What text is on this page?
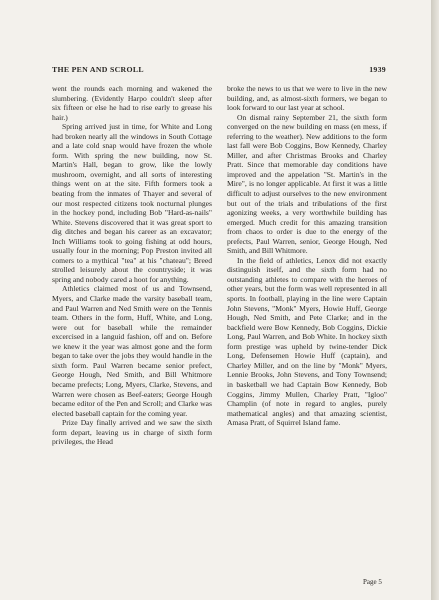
THE PEN AND SCROLL	1939

went the rounds each morning and wakened the slumbering. (Evidently Harpo couldn't sleep after six fifteen or else he had to rise early to grease his hair.)

Spring arrived just in time, for White and Long had broken nearly all the windows in South Cottage and a late cold snap would have frozen the whole form. With spring the new building, now St. Martin's Hall, began to grow, like the lowly mushroom, overnight, and all sorts of interesting things went on at the site. Fifth formers took a beating from the inmates of Thayer and several of our most respected citizens took nocturnal plunges in the hockey pond, including Bob "Hard-as-nails" White. Stevens discovered that it was great sport to dig ditches and began his career as an excavator; Inch Williams took to going fishing at odd hours, usually four in the morning; Pop Preston invited all comers to a mythical "tea" at his "chateau"; Breed strolled leisurely about the countryside; it was spring and nobody cared a hoot for anything.

Athletics claimed most of us and Townsend, Myers, and Clarke made the varsity baseball team, and Paul Warren and Ned Smith were on the Tennis team. Others in the form, Huff, White, and Long, were out for baseball while the remainder excercised in a languid fashion, off and on. Before we knew it the year was almost gone and the form began to take over the jobs they would handle in the sixth form. Paul Warren became senior prefect, George Hough, Ned Smith, and Bill Whitmore became prefects; Long, Myers, Clarke, Stevens, and Warren were chosen as Beef-eaters; George Hough became editor of the Pen and Scroll; and Clarke was elected baseball captain for the coming year.

Prize Day finally arrived and we saw the sixth form depart, leaving us in charge of sixth form privileges, the Head

broke the news to us that we were to live in the new building, and, as almost-sixth formers, we began to look forward to our last year at school.

On dismal rainy September 21, the sixth form converged on the new building en mass (en mess, if referring to the weather). New additions to the form last fall were Bob Coggins, Bow Kennedy, Charley Miller, and after Christmas Brooks and Charley Pratt. Since that memorable day conditions have improved and the appelation "St. Martin's in the Mire", is no longer applicable. At first it was a little difficult to adjust ourselves to the new environment but out of the trials and tribulations of the first agonizing weeks, a very worthwhile building has emerged. Much credit for this amazing transition from chaos to order is due to the energy of the prefects, Paul Warren, senior, George Hough, Ned Smith, and Bill Whitmore.

In the field of athletics, Lenox did not exactly distinguish itself, and the sixth form had no outstanding athletes to compare with the heroes of other years, but the form was well represented in all sports. In football, playing in the line were Captain John Stevens, "Monk" Myers, Howie Huff, George Hough, Ned Smith, and Pete Clarke; and in the backfield were Bow Kennedy, Bob Coggins, Dickie Long, Paul Warren, and Bob White. In hockey sixth form prestige was upheld by twine-tender Dick Long, Defensemen Howie Huff (captain), and Charley Miller, and on the line by "Monk" Myers, Lennie Brooks, John Stevens, and Tony Townsend; in basketball we had Captain Bow Kennedy, Bob Coggins, Jimmy Mullen, Charley Pratt, "Igloo" Champlin (of note in regard to angles, purely mathematical angles) and that amazing scientist, Amasa Pratt, of Squirrel Island fame.

Page 5
